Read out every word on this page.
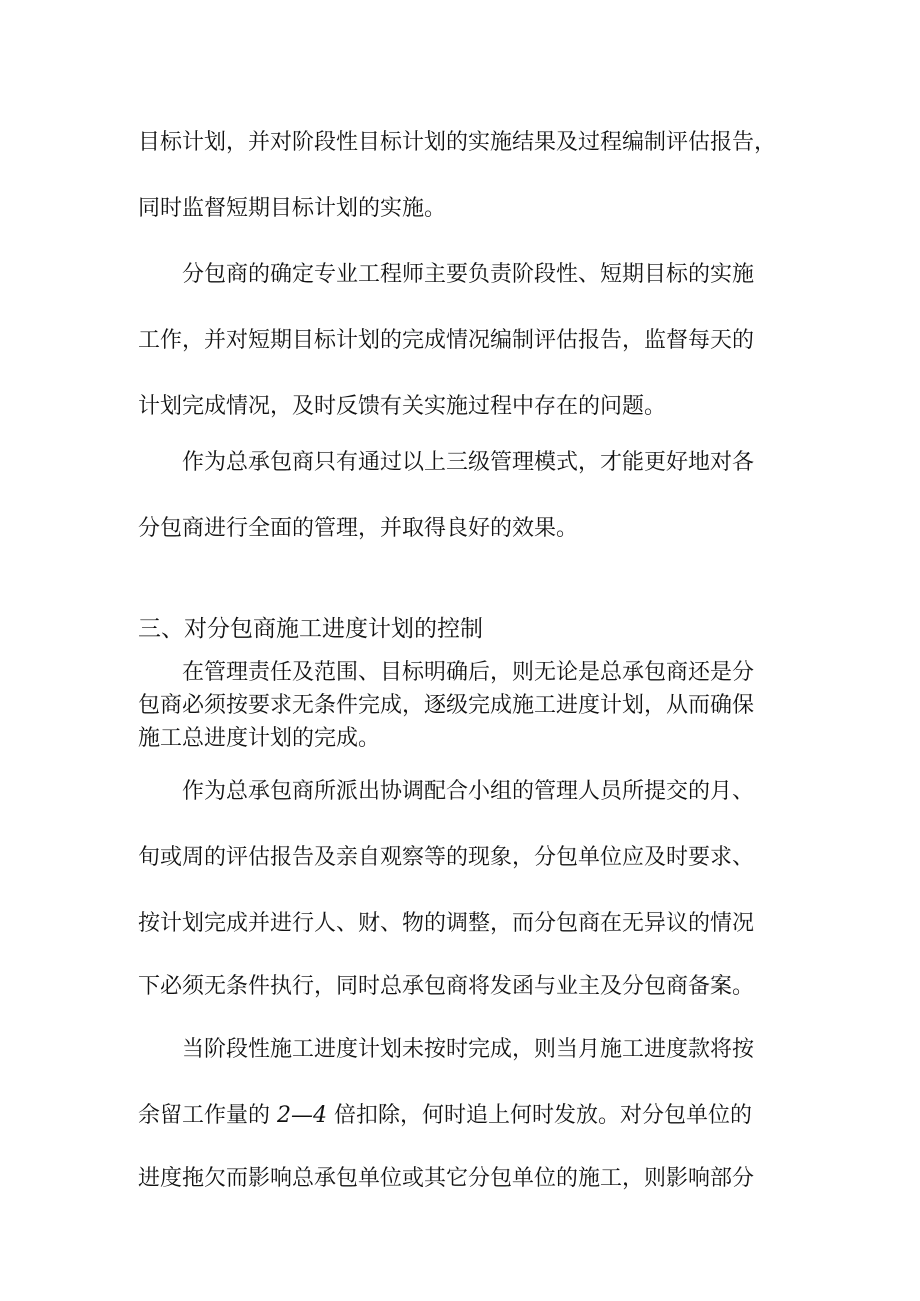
目标计划，并对阶段性目标计划的实施结果及过程编制评估报告，
同时监督短期目标计划的实施。
分包商的确定专业工程师主要负责阶段性、短期目标的实施
工作，并对短期目标计划的完成情况编制评估报告，监督每天的
计划完成情况，及时反馈有关实施过程中存在的问题。
作为总承包商只有通过以上三级管理模式，才能更好地对各
分包商进行全面的管理，并取得良好的效果。
三、对分包商施工进度计划的控制
在管理责任及范围、目标明确后，则无论是总承包商还是分
包商必须按要求无条件完成，逐级完成施工进度计划，从而确保
施工总进度计划的完成。
作为总承包商所派出协调配合小组的管理人员所提交的月、
旬或周的评估报告及亲自观察等的现象，分包单位应及时要求、
按计划完成并进行人、财、物的调整，而分包商在无异议的情况
下必须无条件执行，同时总承包商将发函与业主及分包商备案。
当阶段性施工进度计划未按时完成，则当月施工进度款将按
余留工作量的 2—4 倍扣除，何时追上何时发放。对分包单位的
进度拖欠而影响总承包单位或其它分包单位的施工，则影响部分
